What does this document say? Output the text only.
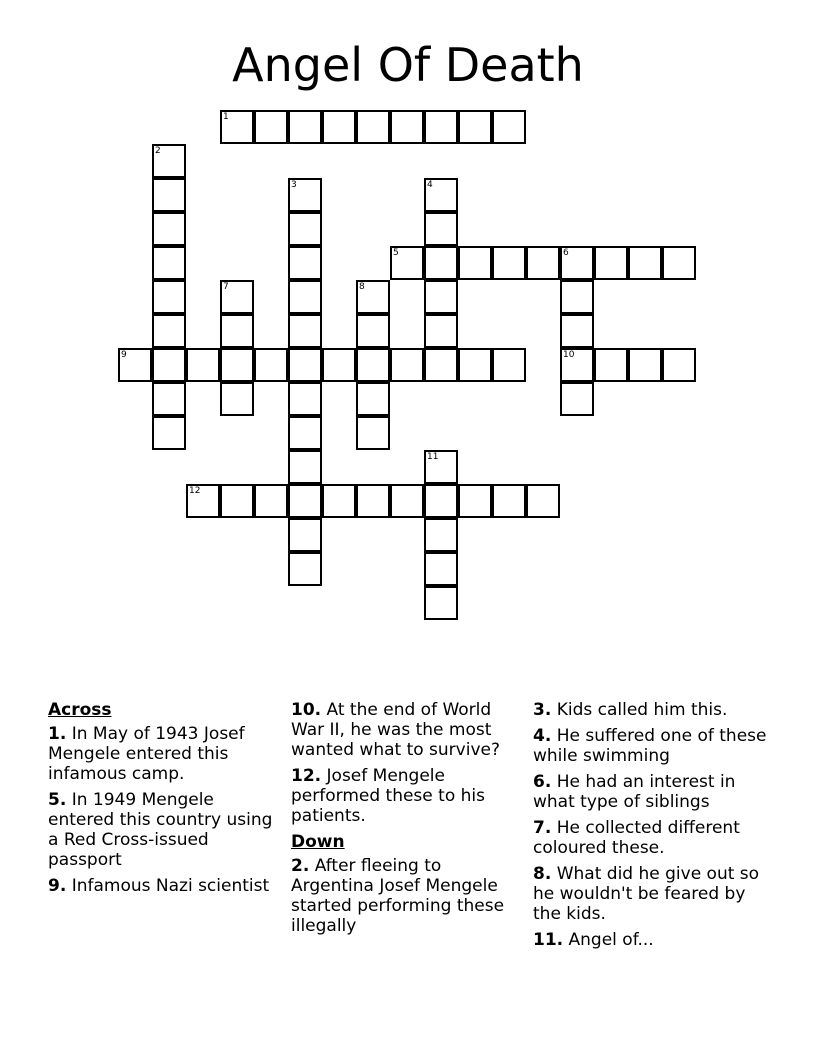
Angel Of Death
1
2
3	4
5	6
10
7	8
9
11
12
Across
1. In May of 1943 Josef Mengele entered this infamous camp.
5. In 1949 Mengele entered this country using a Red Cross-issued passport
9. Infamous Nazi scientist
10. At the end of World War II, he was the most wanted what to survive?
12. Josef Mengele performed these to his patients.
Down
2. After fleeing to Argentina Josef Mengele started performing these illegally
3. Kids called him this.
4. He suffered one of these while swimming
6. He had an interest in what type of siblings
7. He collected different coloured these.
8. What did he give out so he wouldn't be feared by the kids.
11. Angel of...
